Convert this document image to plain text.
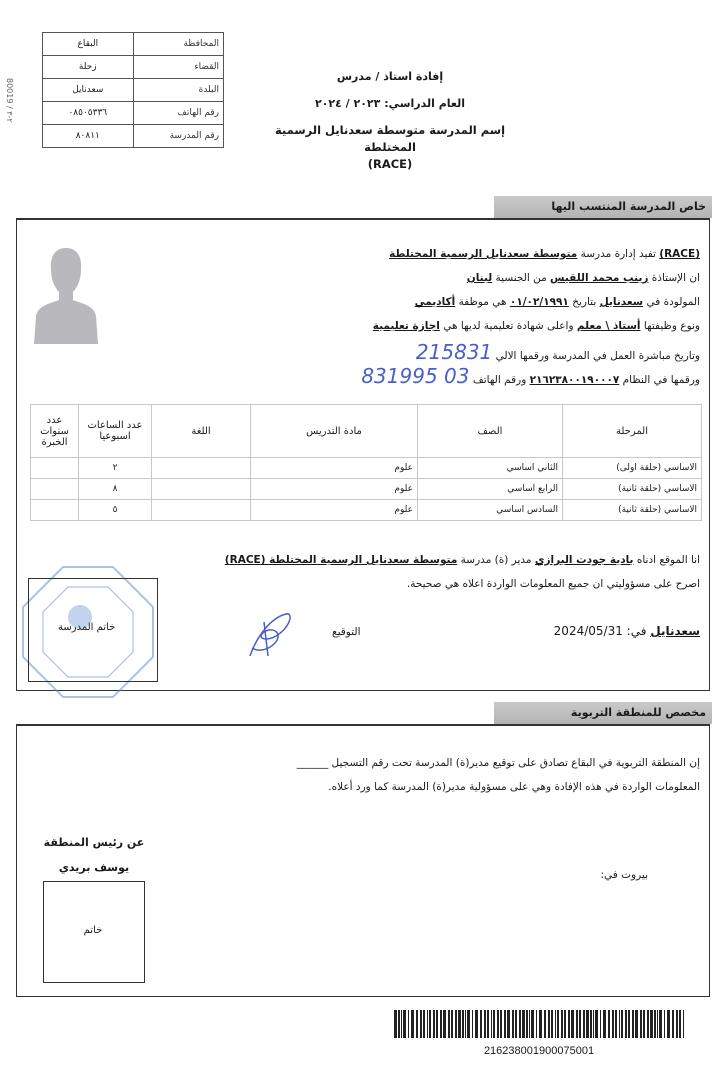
80019 / ٢-٣
البقاع	المحافظة
زحلة	القضاء
سعدنايل	البلدة
٠٨٥٠٥٣٣٦	رقم الهاتف
٨٠٨١١	رقم المدرسة
إفادة استاذ / مدرس
العام الدراسي: ٢٠٢٣ / ٢٠٢٤
إسم المدرسة متوسطة سعدنايل الرسمية المختلطة
(RACE)
خاص المدرسة المنتسب اليها
(RACE) تفيد إدارة مدرسة متوسطة سعدنايل الرسمية المختلطة
ان الإستاذة زينب محمد اللقيس من الجنسية لبنان
المولودة في سعدنايل بتاريخ ٠١/٠٢/١٩٩١ هي موظفة أكاديمي
ونوع وظيفتها أستاذ \ معلم واعلى شهادة تعليمية لديها هي اجازة تعليمية
وتاريخ مباشرة العمل في المدرسة ورقمها الالي 215831
ورقمها في النظام ٢١٦٢٣٨٠٠١٩٠٠٠٧ ورقم الهاتف 03 831995
المرحلة	الصف	مادة التدريس	اللغة	عدد الساعات اسبوعيا	عدد سنوات الخبرة
الاساسي (حلقة اولى)	الثاني اساسي	علوم		٢	
الاساسي (حلقة ثانية)	الرابع اساسي	علوم		٨	
الاساسي (حلقة ثانية)	السادس اساسي	علوم		٥	
انا الموقع ادناه بادية جودت البرازي مدير (ة) مدرسة متوسطة سعدنايل الرسمية المختلطة (RACE)
اصرح على مسؤوليتي ان جميع المعلومات الواردة اعلاه هي صحيحة.
سعدنايل في: 2024/05/31
التوقيع
خاتم المدرسة
مخصص للمنطقة التربوية
إن المنطقة التربوية في البقاع تصادق على توقيع مدير(ة) المدرسة تحت رقم التسجيل ______
المعلومات الواردة في هذه الإفادة وهي على مسؤولية مدير(ة) المدرسة كما ورد أعلاه.
بيروت في:
عن رئيس المنطقة
يوسف بريدي
خاتم
216238001900075001
